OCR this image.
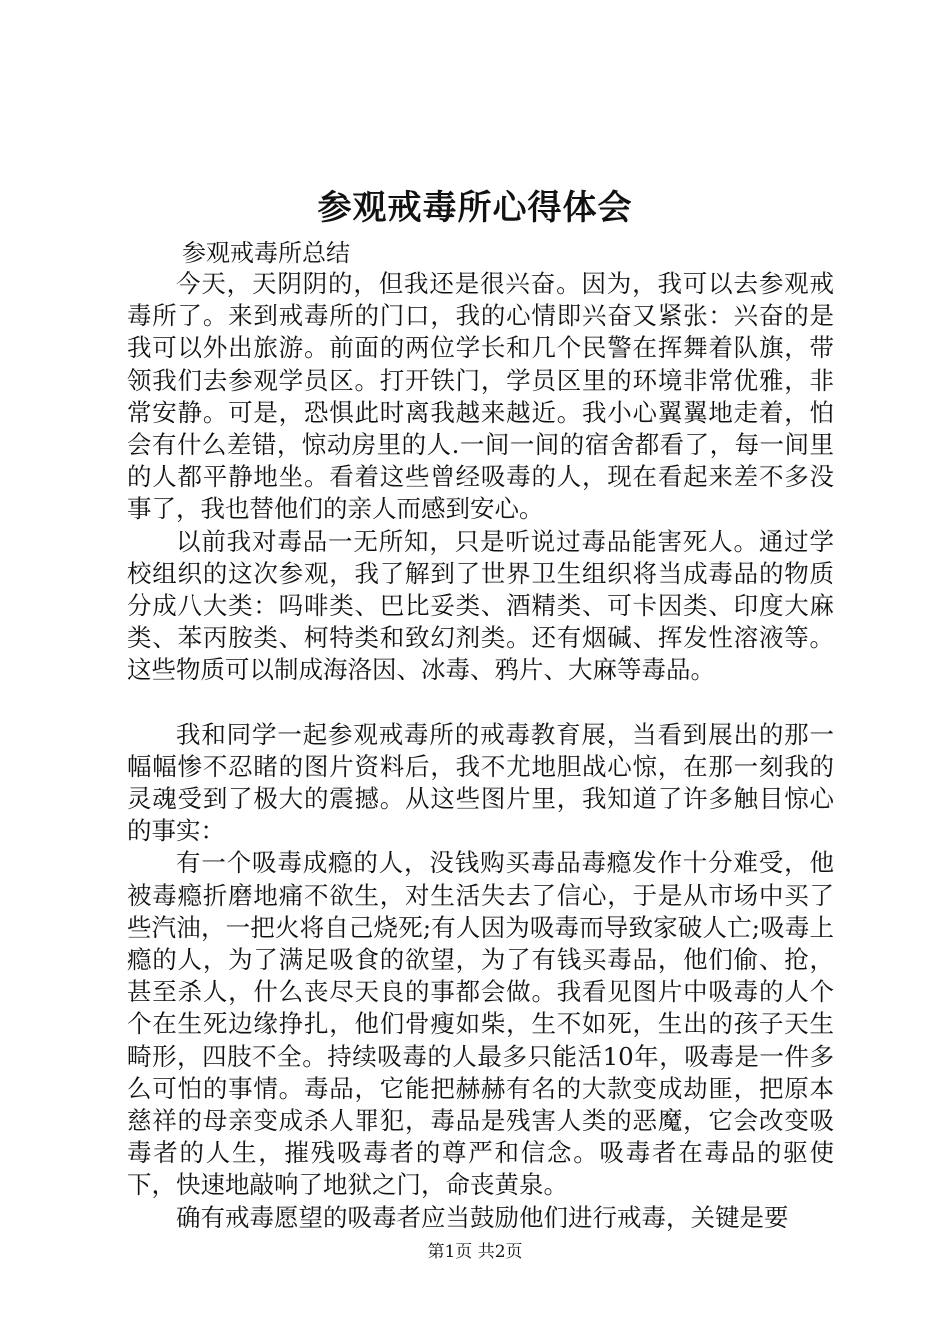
参观戒毒所心得体会
参观戒毒所总结

今天，天阴阴的，但我还是很兴奋。因为，我可以去参观戒毒所了。来到戒毒所的门口，我的心情即兴奋又紧张：兴奋的是我可以外出旅游。前面的两位学长和几个民警在挥舞着队旗，带领我们去参观学员区。打开铁门，学员区里的环境非常优雅，非常安静。可是，恐惧此时离我越来越近。我小心翼翼地走着，怕会有什么差错，惊动房里的人.一间一间的宿舍都看了，每一间里的人都平静地坐。看着这些曾经吸毒的人，现在看起来差不多没事了，我也替他们的亲人而感到安心。

以前我对毒品一无所知，只是听说过毒品能害死人。通过学校组织的这次参观，我了解到了世界卫生组织将当成毒品的物质分成八大类：吗啡类、巴比妥类、酒精类、可卡因类、印度大麻类、苯丙胺类、柯特类和致幻剂类。还有烟碱、挥发性溶液等。这些物质可以制成海洛因、冰毒、鸦片、大麻等毒品。

我和同学一起参观戒毒所的戒毒教育展，当看到展出的那一幅幅惨不忍睹的图片资料后，我不尤地胆战心惊，在那一刻我的灵魂受到了极大的震撼。从这些图片里，我知道了许多触目惊心的事实：

有一个吸毒成瘾的人，没钱购买毒品毒瘾发作十分难受，他被毒瘾折磨地痛不欲生，对生活失去了信心，于是从市场中买了些汽油，一把火将自己烧死;有人因为吸毒而导致家破人亡;吸毒上瘾的人，为了满足吸食的欲望，为了有钱买毒品，他们偷、抢，甚至杀人，什么丧尽天良的事都会做。我看见图片中吸毒的人个个在生死边缘挣扎，他们骨瘦如柴，生不如死，生出的孩子天生畸形，四肢不全。持续吸毒的人最多只能活10年，吸毒是一件多么可怕的事情。毒品，它能把赫赫有名的大款变成劫匪，把原本慈祥的母亲变成杀人罪犯，毒品是残害人类的恶魔，它会改变吸毒者的人生，摧残吸毒者的尊严和信念。吸毒者在毒品的驱使下，快速地敲响了地狱之门，命丧黄泉。

确有戒毒愿望的吸毒者应当鼓励他们进行戒毒，关键是要

第1页 共2页
